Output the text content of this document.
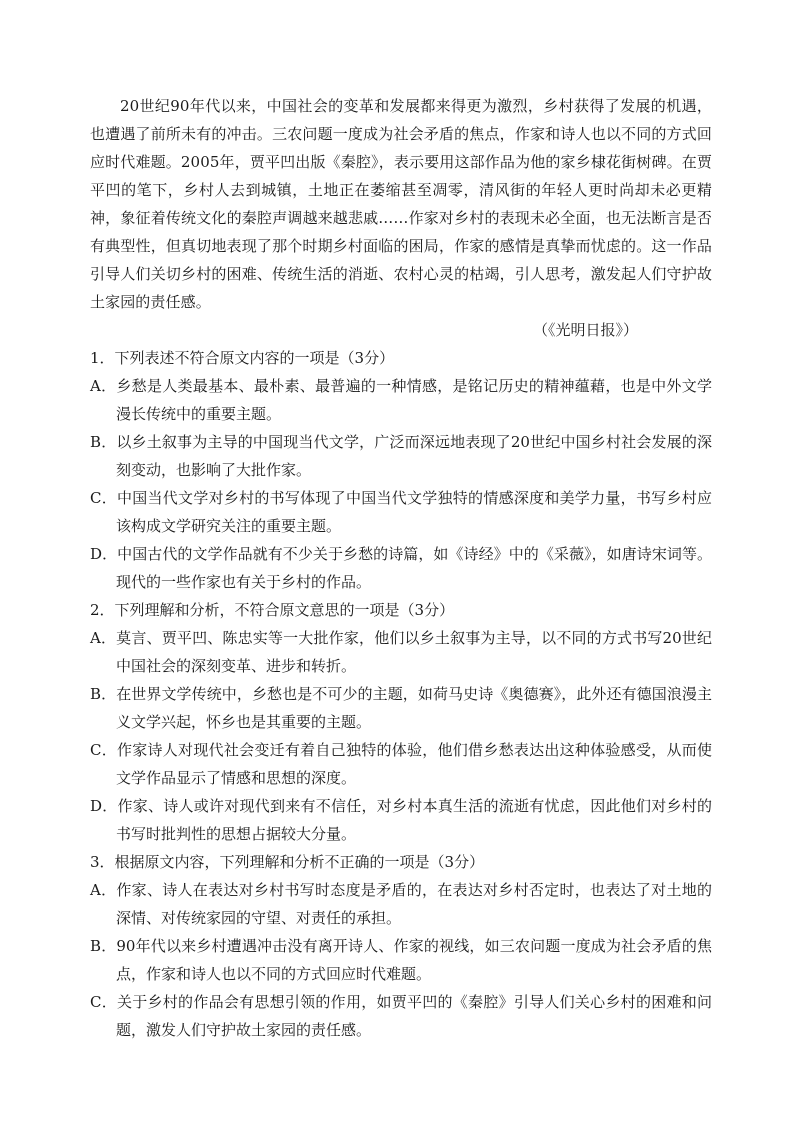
20世纪90年代以来，中国社会的变革和发展都来得更为激烈，乡村获得了发展的机遇，也遭遇了前所未有的冲击。三农问题一度成为社会矛盾的焦点，作家和诗人也以不同的方式回应时代难题。2005年，贾平凹出版《秦腔》，表示要用这部作品为他的家乡棣花街树碑。在贾平凹的笔下，乡村人去到城镇，土地正在萎缩甚至凋零，清风街的年轻人更时尚却未必更精神，象征着传统文化的秦腔声调越来越悲戚……作家对乡村的表现未必全面，也无法断言是否有典型性，但真切地表现了那个时期乡村面临的困局，作家的感情是真挚而忧虑的。这一作品引导人们关切乡村的困难、传统生活的消逝、农村心灵的枯竭，引人思考，激发起人们守护故土家园的责任感。

（《光明日报》）

1．下列表述不符合原文内容的一项是（3分）

A．乡愁是人类最基本、最朴素、最普遍的一种情感，是铭记历史的精神蕴藉，也是中外文学漫长传统中的重要主题。

B．以乡土叙事为主导的中国现当代文学，广泛而深远地表现了20世纪中国乡村社会发展的深刻变动，也影响了大批作家。

C．中国当代文学对乡村的书写体现了中国当代文学独特的情感深度和美学力量，书写乡村应该构成文学研究关注的重要主题。

D．中国古代的文学作品就有不少关于乡愁的诗篇，如《诗经》中的《采薇》，如唐诗宋词等。现代的一些作家也有关于乡村的作品。

2．下列理解和分析，不符合原文意思的一项是（3分）

A．莫言、贾平凹、陈忠实等一大批作家，他们以乡土叙事为主导，以不同的方式书写20世纪中国社会的深刻变革、进步和转折。

B．在世界文学传统中，乡愁也是不可少的主题，如荷马史诗《奥德赛》，此外还有德国浪漫主义文学兴起，怀乡也是其重要的主题。

C．作家诗人对现代社会变迁有着自己独特的体验，他们借乡愁表达出这种体验感受，从而使文学作品显示了情感和思想的深度。

D．作家、诗人或许对现代到来有不信任，对乡村本真生活的流逝有忧虑，因此他们对乡村的书写时批判性的思想占据较大分量。

3．根据原文内容，下列理解和分析不正确的一项是（3分）

A．作家、诗人在表达对乡村书写时态度是矛盾的，在表达对乡村否定时，也表达了对土地的深情、对传统家园的守望、对责任的承担。

B．90年代以来乡村遭遇冲击没有离开诗人、作家的视线，如三农问题一度成为社会矛盾的焦点，作家和诗人也以不同的方式回应时代难题。

C．关于乡村的作品会有思想引领的作用，如贾平凹的《秦腔》引导人们关心乡村的困难和问题，激发人们守护故土家园的责任感。
